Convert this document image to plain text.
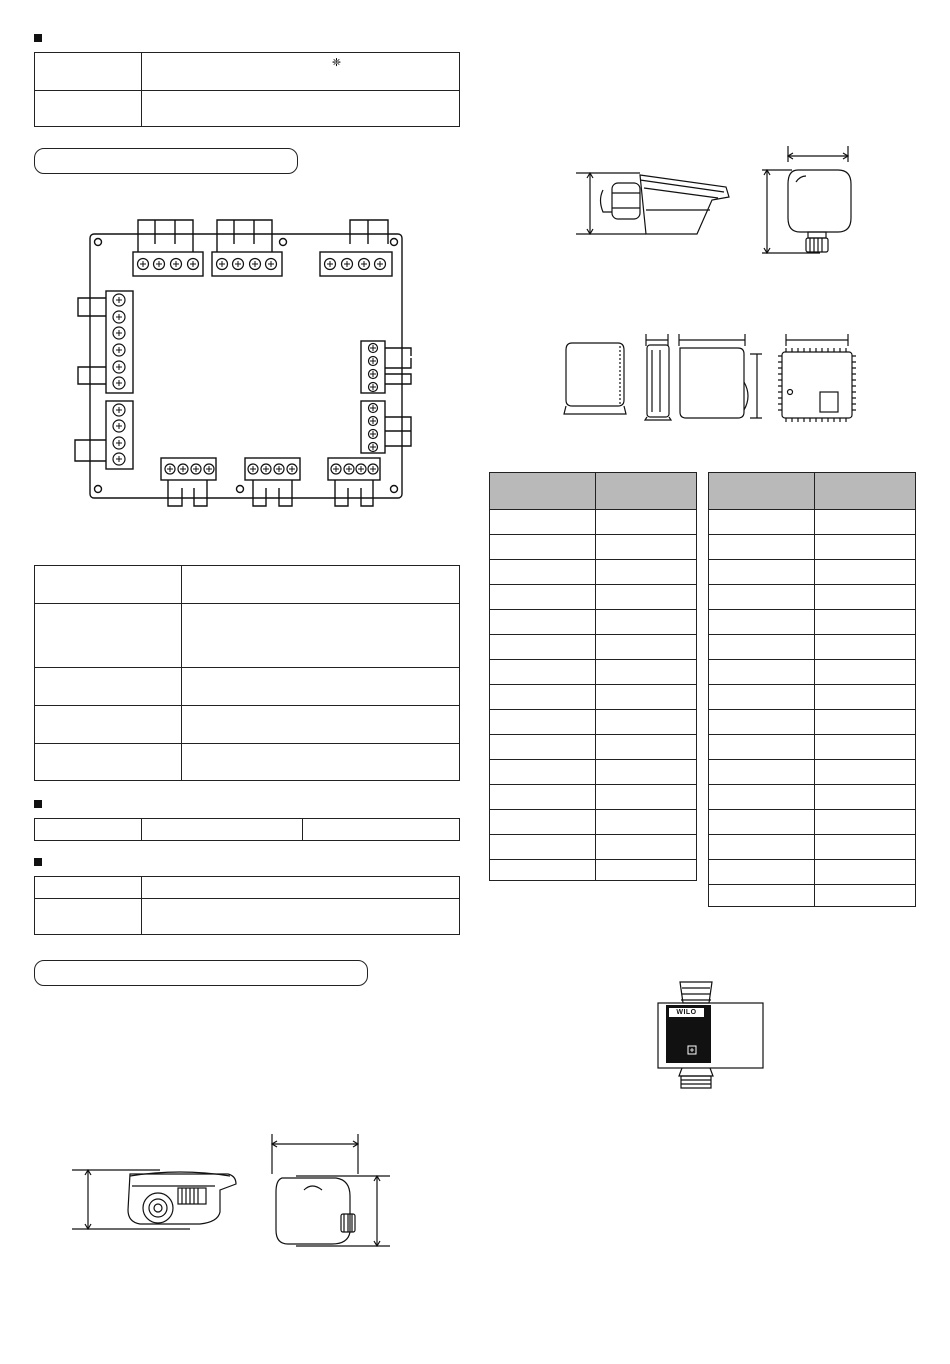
	❈

WILO
